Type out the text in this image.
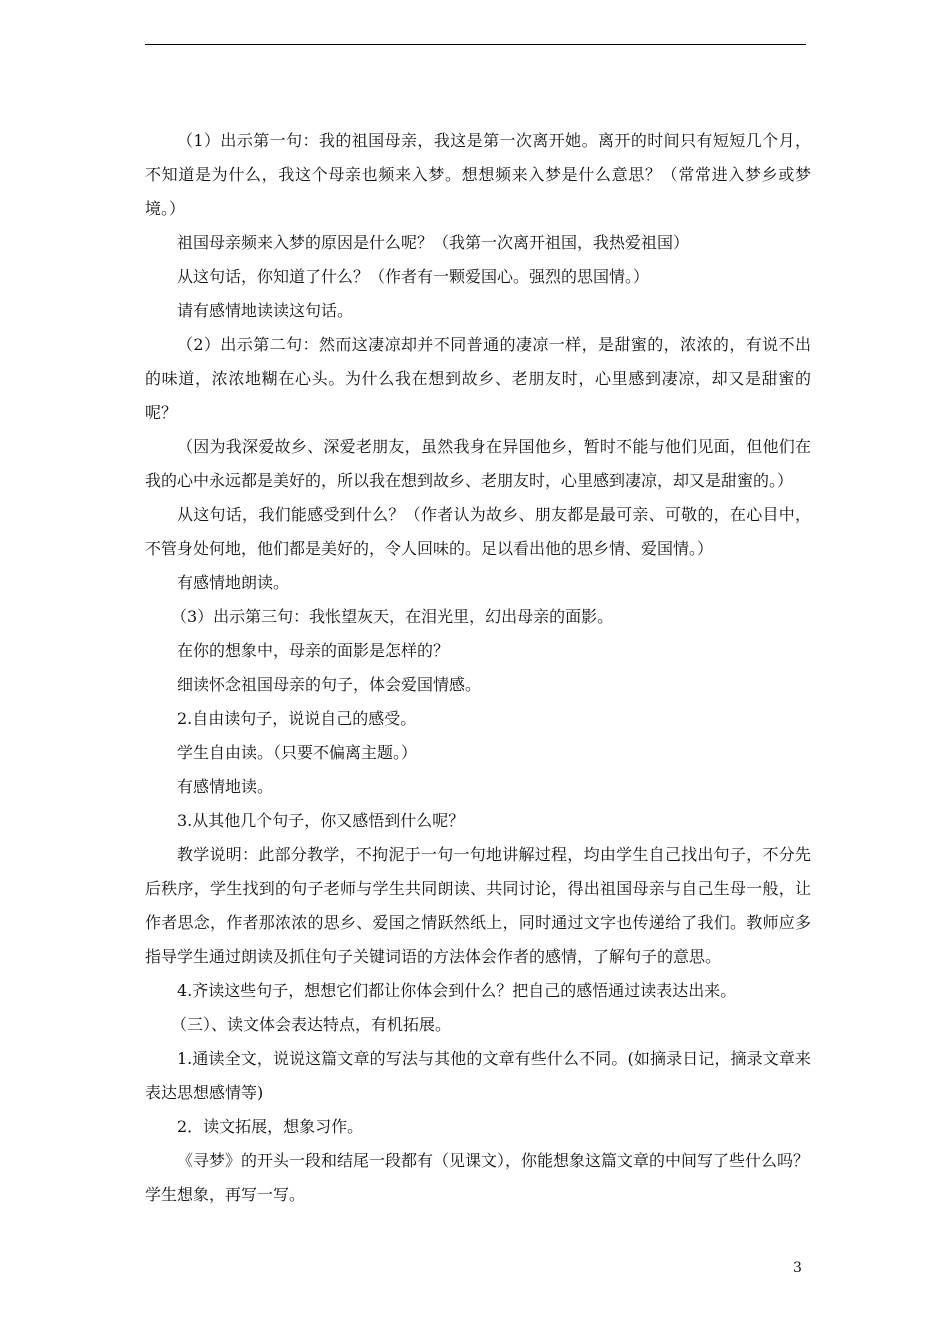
（1）出示第一句：我的祖国母亲，我这是第一次离开她。离开的时间只有短短几个月，不知道是为什么，我这个母亲也频来入梦。想想频来入梦是什么意思？（常常进入梦乡或梦境。）

祖国母亲频来入梦的原因是什么呢？（我第一次离开祖国，我热爱祖国）

从这句话，你知道了什么？（作者有一颗爱国心。强烈的思国情。）

请有感情地读读这句话。

（2）出示第二句：然而这凄凉却并不同普通的凄凉一样，是甜蜜的，浓浓的，有说不出的味道，浓浓地糊在心头。为什么我在想到故乡、老朋友时，心里感到凄凉，却又是甜蜜的呢？

（因为我深爱故乡、深爱老朋友，虽然我身在异国他乡，暂时不能与他们见面，但他们在我的心中永远都是美好的，所以我在想到故乡、老朋友时，心里感到凄凉，却又是甜蜜的。）

从这句话，我们能感受到什么？（作者认为故乡、朋友都是最可亲、可敬的，在心目中，不管身处何地，他们都是美好的，令人回味的。足以看出他的思乡情、爱国情。）

有感情地朗读。

（3）出示第三句：我怅望灰天，在泪光里，幻出母亲的面影。

在你的想象中，母亲的面影是怎样的？

细读怀念祖国母亲的句子，体会爱国情感。

2.自由读句子，说说自己的感受。

学生自由读。（只要不偏离主题。）

有感情地读。

3.从其他几个句子，你又感悟到什么呢？

教学说明：此部分教学，不拘泥于一句一句地讲解过程，均由学生自己找出句子，不分先后秩序，学生找到的句子老师与学生共同朗读、共同讨论，得出祖国母亲与自己生母一般，让作者思念，作者那浓浓的思乡、爱国之情跃然纸上，同时通过文字也传递给了我们。教师应多指导学生通过朗读及抓住句子关键词语的方法体会作者的感情，了解句子的意思。

4.齐读这些句子，想想它们都让你体会到什么？把自己的感悟通过读表达出来。

（三）、读文体会表达特点，有机拓展。

1.通读全文，说说这篇文章的写法与其他的文章有些什么不同。(如摘录日记，摘录文章来表达思想感情等)

2．读文拓展，想象习作。

《寻梦》的开头一段和结尾一段都有（见课文），你能想象这篇文章的中间写了些什么吗？

学生想象，再写一写。

3
